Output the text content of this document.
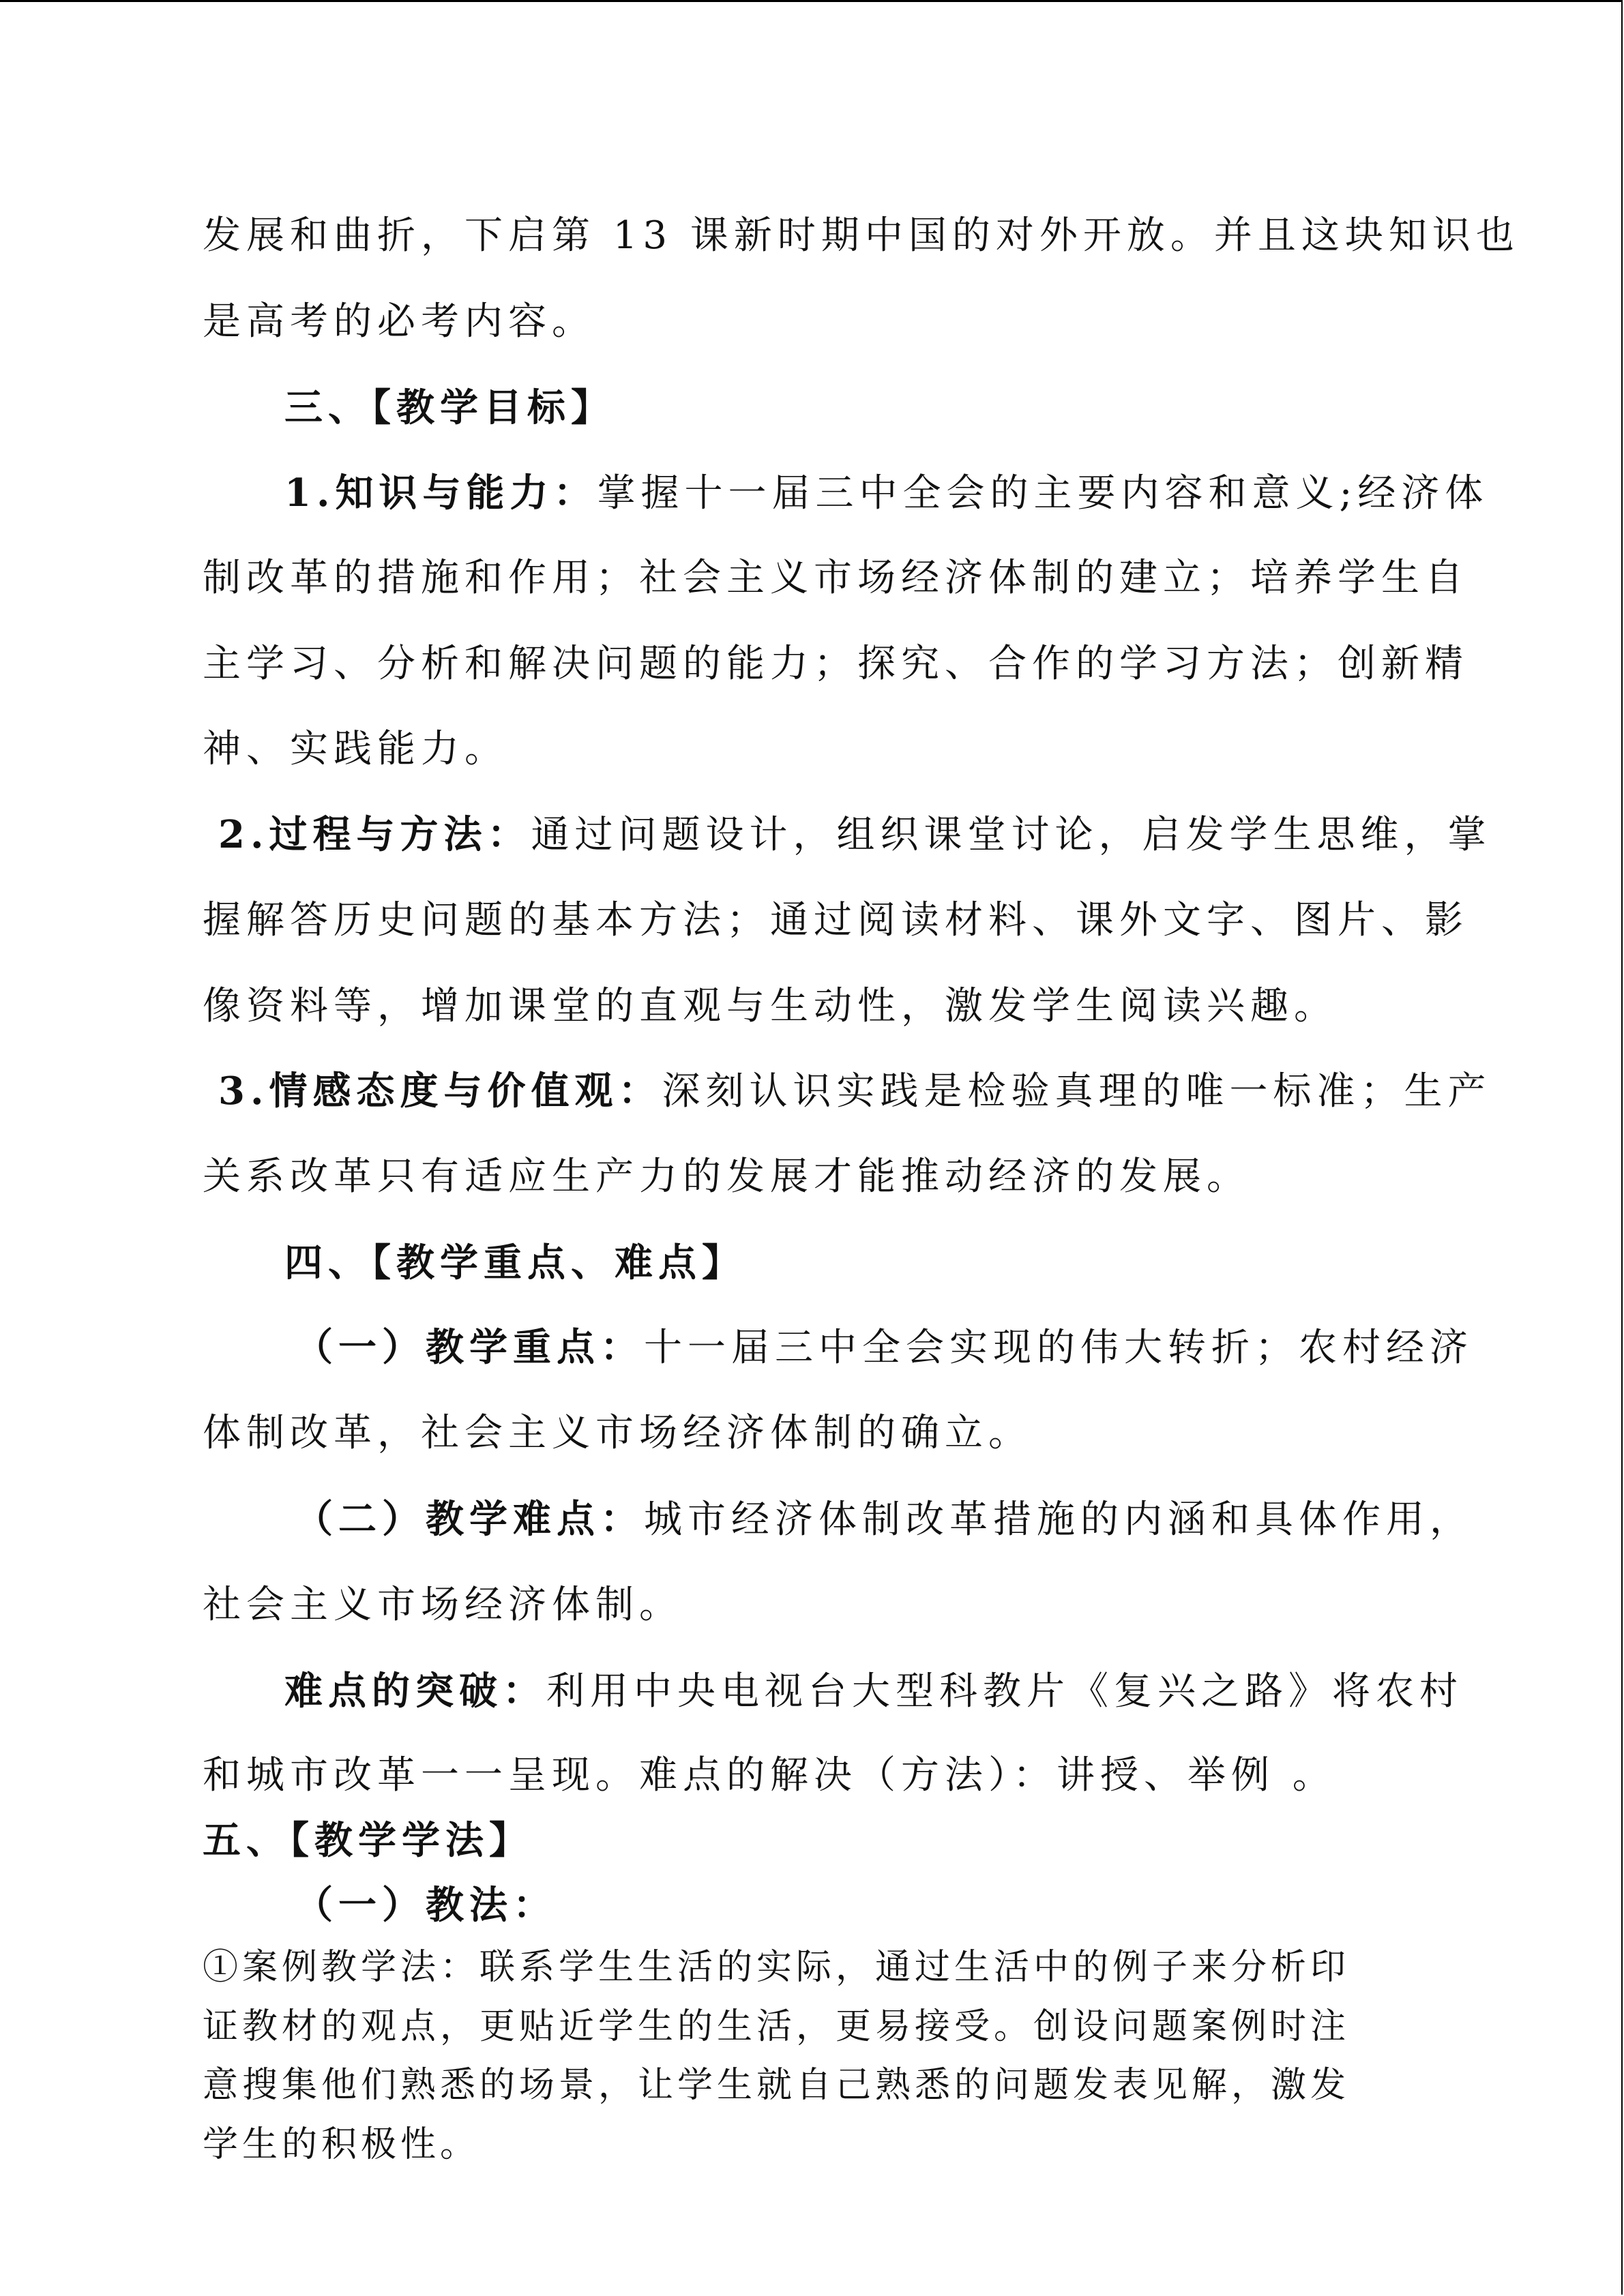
发展和曲折，下启第 13 课新时期中国的对外开放。并且这块知识也
是高考的必考内容。
三、【教学目标】
1.知识与能力：掌握十一届三中全会的主要内容和意义;经济体
制改革的措施和作用；社会主义市场经济体制的建立；培养学生自
主学习、分析和解决问题的能力；探究、合作的学习方法；创新精
神、实践能力。
2.过程与方法：通过问题设计，组织课堂讨论，启发学生思维，掌
握解答历史问题的基本方法；通过阅读材料、课外文字、图片、影
像资料等，增加课堂的直观与生动性，激发学生阅读兴趣。
3.情感态度与价值观：深刻认识实践是检验真理的唯一标准；生产
关系改革只有适应生产力的发展才能推动经济的发展。
四、【教学重点、难点】
（一）教学重点：十一届三中全会实现的伟大转折；农村经济
体制改革，社会主义市场经济体制的确立。
（二）教学难点：城市经济体制改革措施的内涵和具体作用，
社会主义市场经济体制。
难点的突破：利用中央电视台大型科教片《复兴之路》将农村
和城市改革一一呈现。难点的解决（方法）：讲授、举例 。
五、【教学学法】
（一）教法：
①案例教学法：联系学生生活的实际，通过生活中的例子来分析印
证教材的观点，更贴近学生的生活，更易接受。创设问题案例时注
意搜集他们熟悉的场景，让学生就自己熟悉的问题发表见解，激发
学生的积极性。
